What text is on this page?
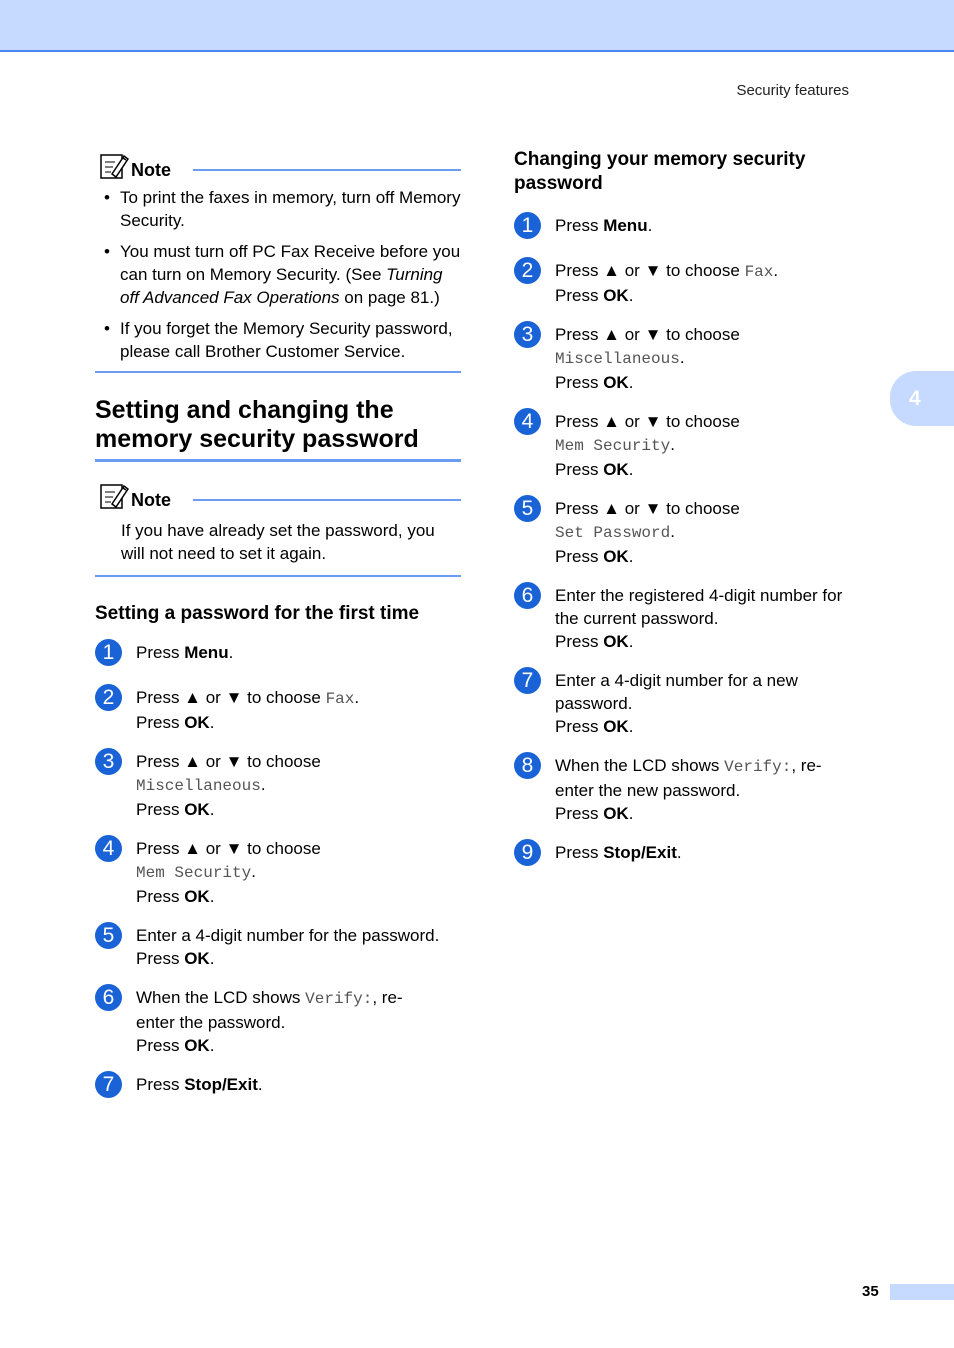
Security features
4
Note
• To print the faxes in memory, turn off Memory Security.
• You must turn off PC Fax Receive before you can turn on Memory Security. (See Turning off Advanced Fax Operations on page 81.)
• If you forget the Memory Security password, please call Brother Customer Service.

Setting and changing the

memory security password

Note

If you have already set the password, you will not need to set it again.

Setting a password for the first time

1	Press Menu.
2	Press ▲ or ▼ to choose Fax.
Press OK.
3	Press ▲ or ▼ to choose
Miscellaneous.
Press OK.
4	Press ▲ or ▼ to choose
Mem Security.
Press OK.
5	Enter a 4-digit number for the password.
Press OK.
6	When the LCD shows Verify:, re-
enter the password.
Press OK.
7	Press Stop/Exit.

Changing your memory security

password

1	Press Menu.
2	Press ▲ or ▼ to choose Fax.
Press OK.
3	Press ▲ or ▼ to choose
Miscellaneous.
Press OK.
4	Press ▲ or ▼ to choose
Mem Security.
Press OK.
5	Press ▲ or ▼ to choose
Set Password.
Press OK.
6	Enter the registered 4-digit number for
the current password.
Press OK.
7	Enter a 4-digit number for a new
password.
Press OK.
8	When the LCD shows Verify:, re-
enter the new password.
Press OK.
9	Press Stop/Exit.
35
